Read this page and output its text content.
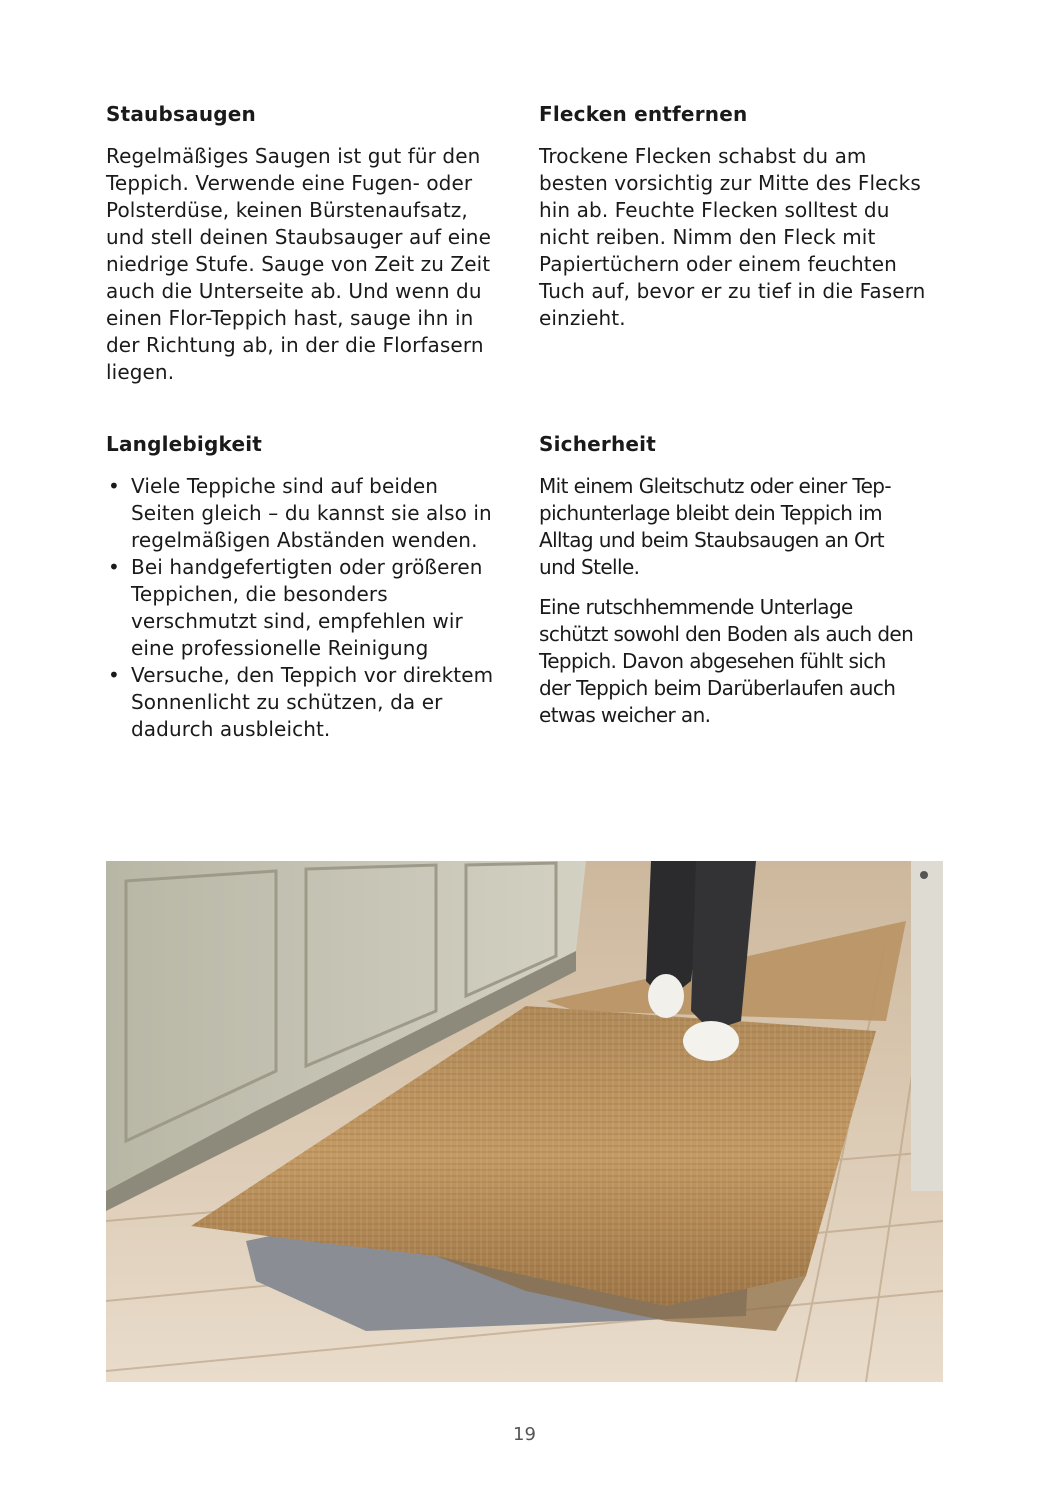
Staubsaugen

Regelmäßiges Saugen ist gut für den
Teppich. Verwende eine Fugen- oder
Polsterdüse, keinen Bürstenaufsatz,
und stell deinen Staubsauger auf eine
niedrige Stufe. Sauge von Zeit zu Zeit
auch die Unterseite ab. Und wenn du
einen Flor-Teppich hast, sauge ihn in
der Richtung ab, in der die Florfasern
liegen.

Flecken entfernen

Trockene Flecken schabst du am
besten vorsichtig zur Mitte des Flecks
hin ab. Feuchte Flecken solltest du
nicht reiben. Nimm den Fleck mit
Papiertüchern oder einem feuchten
Tuch auf, bevor er zu tief in die Fasern
einzieht.

Langlebigkeit
• Viele Teppiche sind auf beiden
Seiten gleich – du kannst sie also in
regelmäßigen Abständen wenden.
• Bei handgefertigten oder größeren
Teppichen, die besonders
verschmutzt sind, empfehlen wir
eine professionelle Reinigung
• Versuche, den Teppich vor direktem
Sonnenlicht zu schützen, da er
dadurch ausbleicht.
Sicherheit

Mit einem Gleitschutz oder einer Tep-
pichunterlage bleibt dein Teppich im
Alltag und beim Staubsaugen an Ort
und Stelle.

Eine rutschhemmende Unterlage
schützt sowohl den Boden als auch den
Teppich. Davon abgesehen fühlt sich
der Teppich beim Darüberlaufen auch
etwas weicher an.

19
